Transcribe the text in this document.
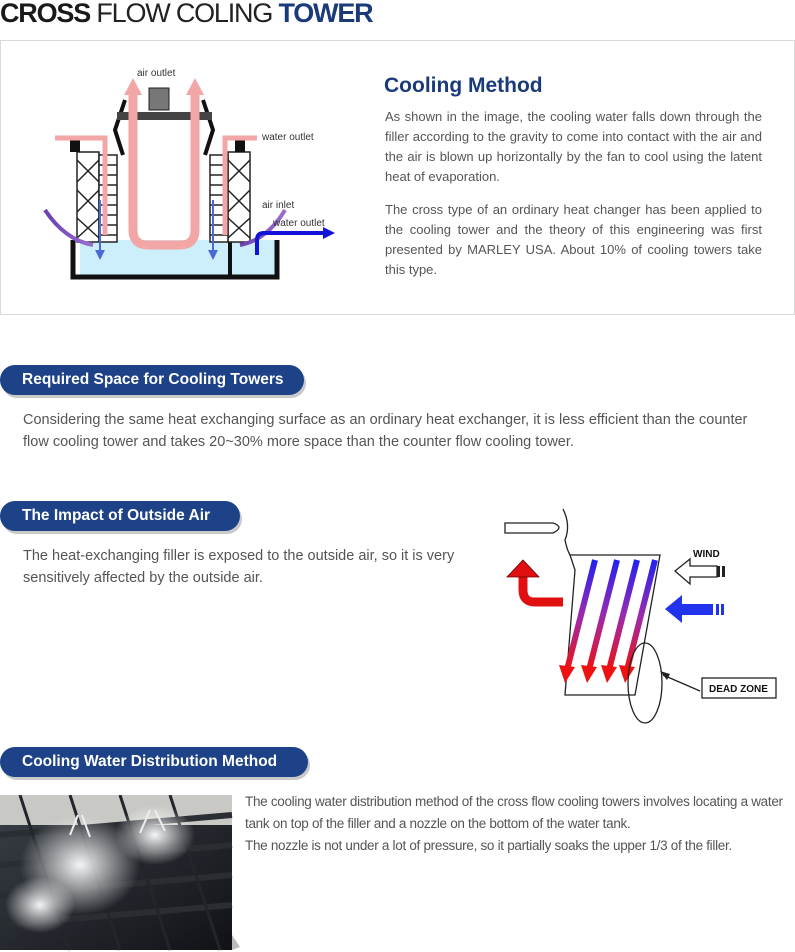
CROSS FLOW COLING TOWER
air outlet
water outlet
air inlet
water outlet
Cooling Method
As shown in the image, the cooling water falls down through the filler according to the gravity to come into contact with the air and the air is blown up horizontally by the fan to cool using the latent heat of evaporation.
The cross type of an ordinary heat changer has been applied to the cooling tower and the theory of this engineering was first presented by MARLEY USA. About 10% of cooling towers take this type.
Required Space for Cooling Towers
Considering the same heat exchanging surface as an ordinary heat exchanger, it is less efficient than the counter flow cooling tower and takes 20~30% more space than the counter flow cooling tower.
The Impact of Outside Air
The heat-exchanging filler is exposed to the outside air, so it is very sensitively affected by the outside air.
WIND
DEAD ZONE
Cooling Water Distribution Method
The cooling water distribution method of the cross flow cooling towers involves locating a water tank on top of the filler and a nozzle on the bottom of the water tank.
The nozzle is not under a lot of pressure, so it partially soaks the upper 1/3 of the filler.
